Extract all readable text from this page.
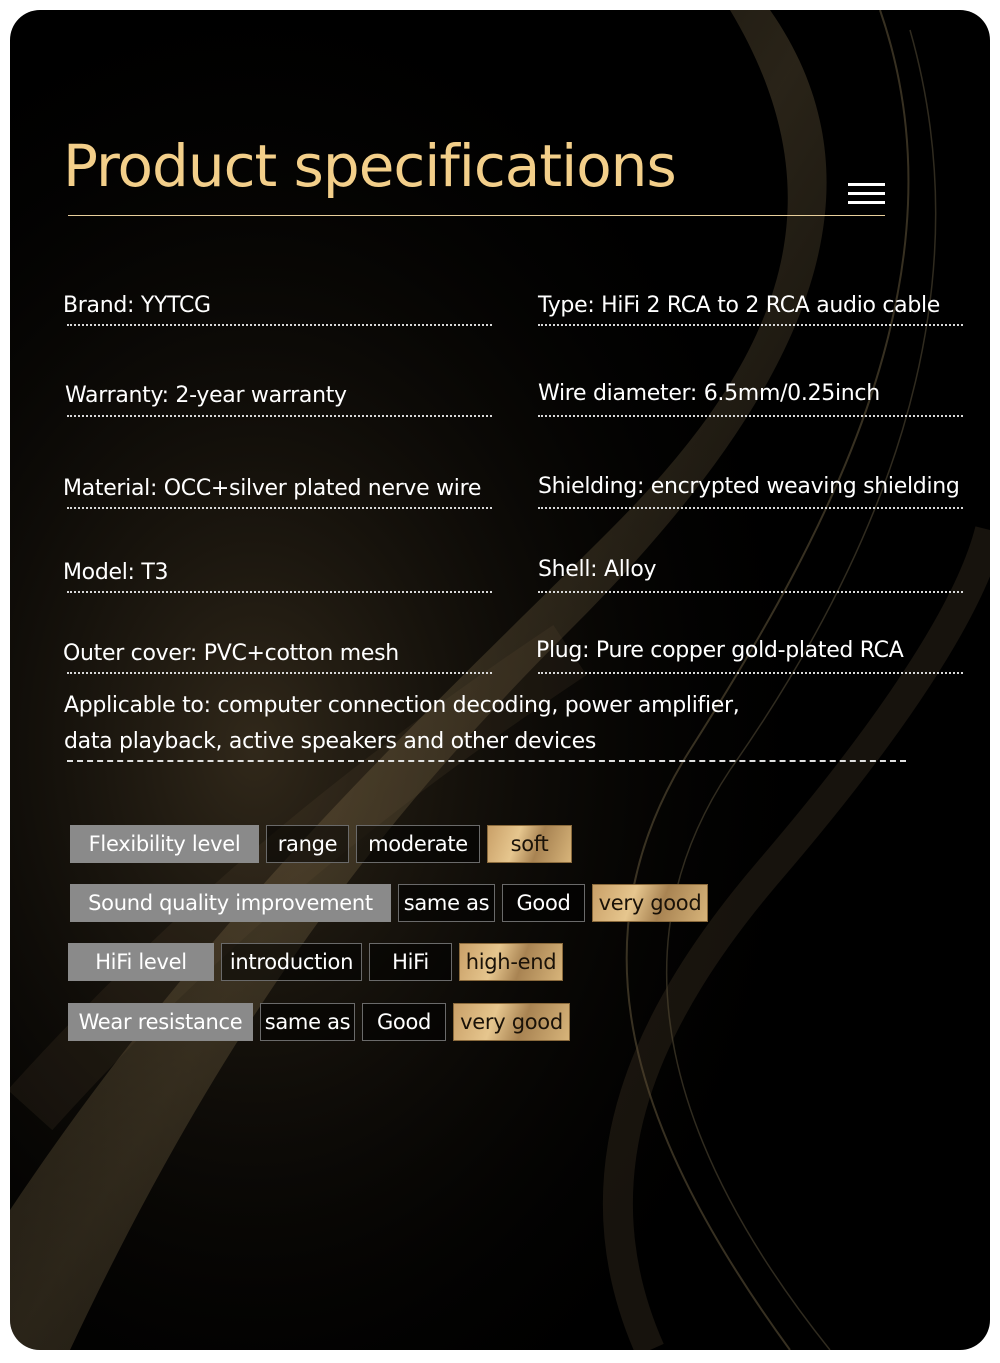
Product specifications
Brand: YYTCG
Warranty: 2-year warranty
Material: OCC+silver plated nerve wire
Model: T3
Outer cover: PVC+cotton mesh
Type: HiFi 2 RCA to 2 RCA audio cable
Wire diameter: 6.5mm/0.25inch
Shielding: encrypted weaving shielding
Shell: Alloy
Plug: Pure copper gold-plated RCA
Applicable to: computer connection decoding, power amplifier,
data playback, active speakers and other devices
Flexibility level	range	moderate	soft
Sound quality improvement	same as	Good	very good
HiFi level	introduction	HiFi	high-end
Wear resistance	same as	Good	very good
